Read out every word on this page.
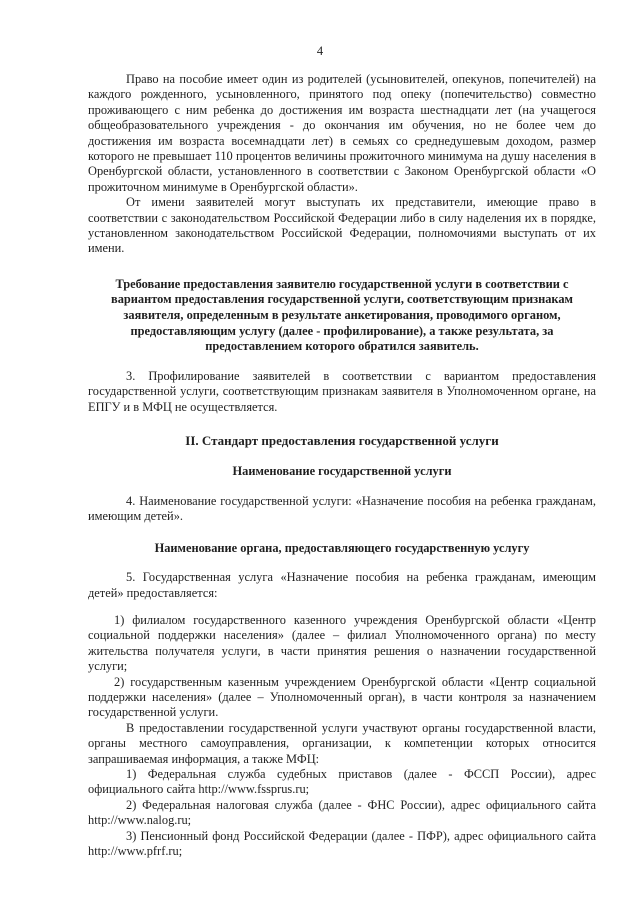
4

Право на пособие имеет один из родителей (усыновителей, опекунов, попечителей) на каждого рожденного, усыновленного, принятого под опеку (попечительство) совместно проживающего с ним ребенка до достижения им возраста шестнадцати лет (на учащегося общеобразовательного учреждения - до окончания им обучения, но не более чем до достижения им возраста восемнадцати лет) в семьях со среднедушевым доходом, размер которого не превышает 110 процентов величины прожиточного минимума на душу населения в Оренбургской области, установленного в соответствии с Законом Оренбургской области «О прожиточном минимуме в Оренбургской области».

От имени заявителей могут выступать их представители, имеющие право в соответствии с законодательством Российской Федерации либо в силу наделения их в порядке, установленном законодательством Российской Федерации, полномочиями выступать от их имени.

Требование предоставления заявителю государственной услуги в соответствии с вариантом предоставления государственной услуги, соответствующим признакам заявителя, определенным в результате анкетирования, проводимого органом, предоставляющим услугу (далее - профилирование), а также результата, за предоставлением которого обратился заявитель.

3. Профилирование заявителей в соответствии с вариантом предоставления государственной услуги, соответствующим признакам заявителя в Уполномоченном органе, на ЕПГУ и в МФЦ не осуществляется.

II. Стандарт предоставления государственной услуги

Наименование государственной услуги

4. Наименование государственной услуги: «Назначение пособия на ребенка гражданам, имеющим детей».

Наименование органа, предоставляющего государственную услугу

5. Государственная услуга «Назначение пособия на ребенка гражданам, имеющим детей» предоставляется:

1) филиалом государственного казенного учреждения Оренбургской области «Центр социальной поддержки населения» (далее – филиал Уполномоченного органа) по месту жительства получателя услуги, в части принятия решения о назначении государственной услуги;

2) государственным казенным учреждением Оренбургской области «Центр социальной поддержки населения» (далее – Уполномоченный орган), в части контроля за назначением государственной услуги.

В предоставлении государственной услуги участвуют органы государственной власти, органы местного самоуправления, организации, к компетенции которых относится запрашиваемая информация, а также МФЦ:

1) Федеральная служба судебных приставов (далее - ФССП России), адрес официального сайта http://www.fssprus.ru;

2) Федеральная налоговая служба (далее - ФНС России), адрес официального сайта http://www.nalog.ru;

3) Пенсионный фонд Российской Федерации (далее - ПФР), адрес официального сайта http://www.pfrf.ru;
